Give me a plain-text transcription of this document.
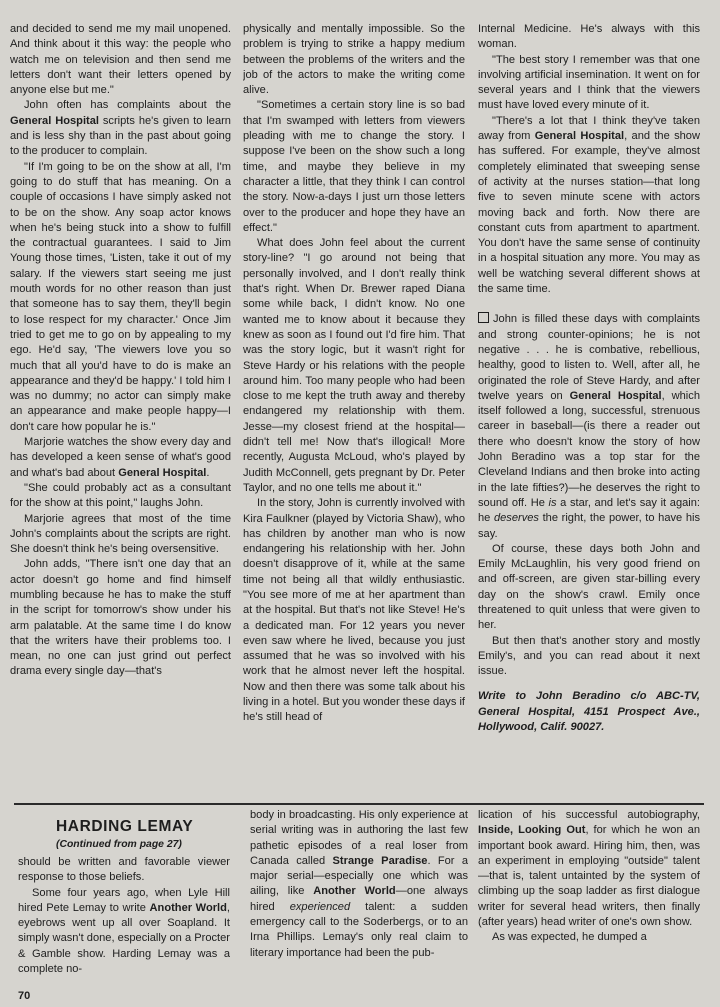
and decided to send me my mail unopened. And think about it this way: the people who watch me on television and then send me letters don't want their letters opened by anyone else but me."

John often has complaints about the General Hospital scripts he's given to learn and is less shy than in the past about going to the producer to complain.

"If I'm going to be on the show at all, I'm going to do stuff that has meaning. On a couple of occasions I have simply asked not to be on the show. Any soap actor knows when he's being stuck into a show to fulfill the contractual guarantees. I said to Jim Young those times, 'Listen, take it out of my salary. If the viewers start seeing me just mouth words for no other reason than just that someone has to say them, they'll begin to lose respect for my character.' Once Jim tried to get me to go on by appealing to my ego. He'd say, 'The viewers love you so much that all you'd have to do is make an appearance and they'd be happy.' I told him I was no dummy; no actor can simply make an appearance and make people happy—I don't care how popular he is."

Marjorie watches the show every day and has developed a keen sense of what's good and what's bad about General Hospital.

"She could probably act as a consultant for the show at this point," laughs John.

Marjorie agrees that most of the time John's complaints about the scripts are right. She doesn't think he's being oversensitive.

John adds, "There isn't one day that an actor doesn't go home and find himself mumbling because he has to make the stuff in the script for tomorrow's show under his arm palatable. At the same time I do know that the writers have their problems too. I mean, no one can just grind out perfect drama every single day—that's

physically and mentally impossible. So the problem is trying to strike a happy medium between the problems of the writers and the job of the actors to make the writing come alive.

"Sometimes a certain story line is so bad that I'm swamped with letters from viewers pleading with me to change the story. I suppose I've been on the show such a long time, and maybe they believe in my character a little, that they think I can control the story. Now-a-days I just urn those letters over to the producer and hope they have an effect."

What does John feel about the current story-line? "I go around not being that personally involved, and I don't really think that's right. When Dr. Brewer raped Diana some while back, I didn't know. No one wanted me to know about it because they knew as soon as I found out I'd fire him. That was the story logic, but it wasn't right for Steve Hardy or his relations with the people around him. Too many people who had been close to me kept the truth away and thereby endangered my relationship with them. Jesse—my closest friend at the hospital—didn't tell me! Now that's illogical! More recently, Augusta McLoud, who's played by Judith McConnell, gets pregnant by Dr. Peter Taylor, and no one tells me about it."

In the story, John is currently involved with Kira Faulkner (played by Victoria Shaw), who has children by another man who is now endangering his relationship with her. John doesn't disapprove of it, while at the same time not being all that wildly enthusiastic. "You see more of me at her apartment than at the hospital. But that's not like Steve! He's a dedicated man. For 12 years you never even saw where he lived, because you just assumed that he was so involved with his work that he almost never left the hospital. Now and then there was some talk about his living in a hotel. But you wonder these days if he's still head of

Internal Medicine. He's always with this woman.

"The best story I remember was that one involving artificial insemination. It went on for several years and I think that the viewers must have loved every minute of it.

"There's a lot that I think they've taken away from General Hospital, and the show has suffered. For example, they've almost completely eliminated that sweeping sense of activity at the nurses station—that long five to seven minute scene with actors moving back and forth. Now there are constant cuts from apartment to apartment. You don't have the same sense of continuity in a hospital situation any more. You may as well be watching several different shows at the same time.

John is filled these days with complaints and strong counter-opinions; he is not negative . . . he is combative, rebellious, healthy, good to listen to. Well, after all, he originated the role of Steve Hardy, and after twelve years on General Hospital, which itself followed a long, successful, strenuous career in baseball—(is there a reader out there who doesn't know the story of how John Beradino was a top star for the Cleveland Indians and then broke into acting in the late fifties?)—he deserves the right to sound off. He is a star, and let's say it again: he deserves the right, the power, to have his say.

Of course, these days both John and Emily McLaughlin, his very good friend on and off-screen, are given star-billing every day on the show's crawl. Emily once threatened to quit unless that were given to her.

But then that's another story and mostly Emily's, and you can read about it next issue.

Write to John Beradino c/o ABC-TV, General Hospital, 4151 Prospect Ave., Hollywood, Calif. 90027.

HARDING LEMAY
(Continued from page 27)

should be written and favorable viewer response to those beliefs.

Some four years ago, when Lyle Hill hired Pete Lemay to write Another World, eyebrows went up all over Soapland. It simply wasn't done, especially on a Procter & Gamble show. Harding Lemay was a complete no-

body in broadcasting. His only experience at serial writing was in authoring the last few pathetic episodes of a real loser from Canada called Strange Paradise. For a major serial—especially one which was ailing, like Another World—one always hired experienced talent: a sudden emergency call to the Soderbergs, or to an Irna Phillips. Lemay's only real claim to literary importance had been the pub-

lication of his successful autobiography, Inside, Looking Out, for which he won an important book award. Hiring him, then, was an experiment in employing "outside" talent—that is, talent untainted by the system of climbing up the soap ladder as first dialogue writer for several head writers, then finally (after years) head writer of one's own show.

As was expected, he dumped a

70
